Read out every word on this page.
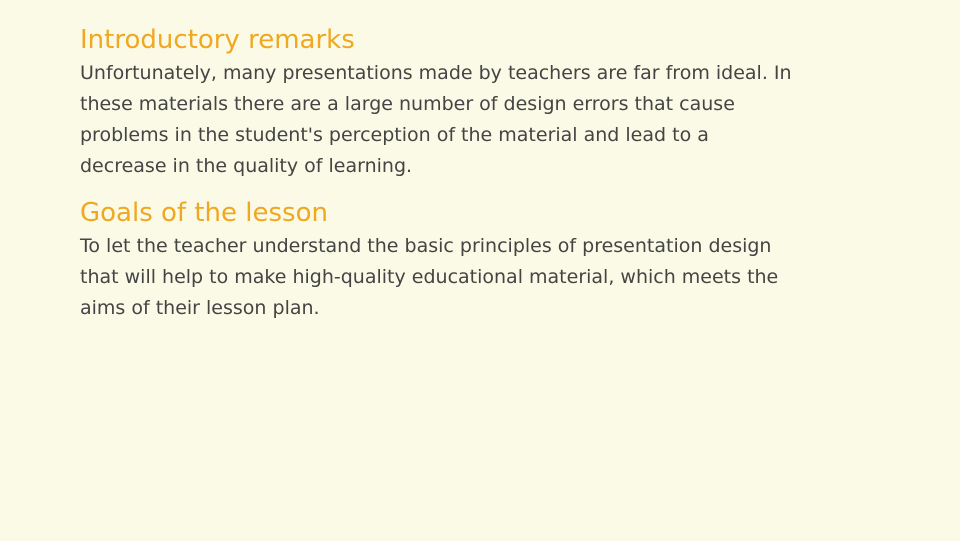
Introductory remarks
Unfortunately, many presentations made by teachers are far from ideal. In
these materials there are a large number of design errors that cause
problems in the student's perception of the material and lead to a
decrease in the quality of learning.
Goals of the lesson
To let the teacher understand the basic principles of presentation design
that will help to make high-quality educational material, which meets the
aims of their lesson plan.
